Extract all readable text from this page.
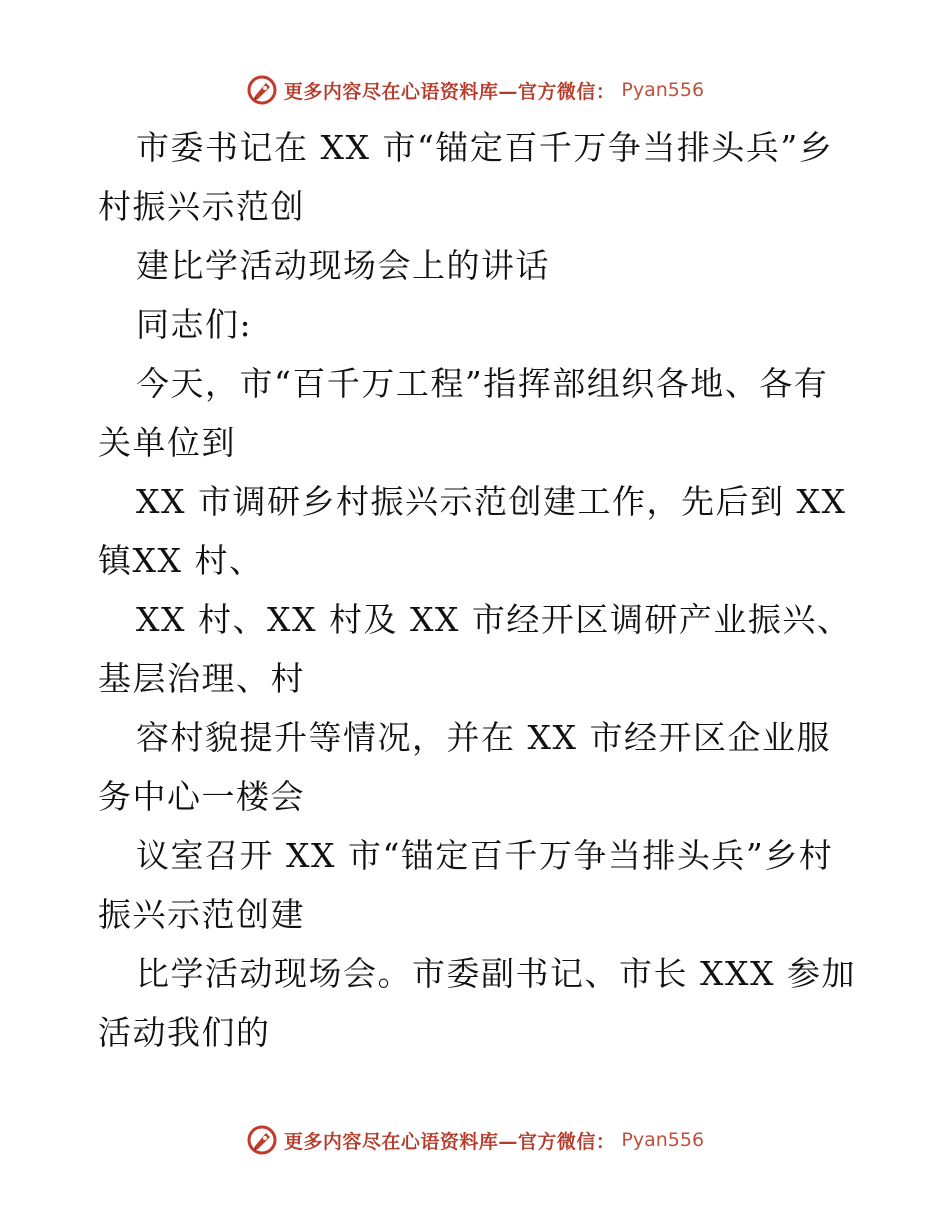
更多内容尽在心语资料库—官方微信： Pyan556

市委书记在 XX 市“锚定百千万争当排头兵”乡村振兴示范创

建比学活动现场会上的讲话

同志们:

今天，市“百千万工程”指挥部组织各地、各有关单位到

XX 市调研乡村振兴示范创建工作，先后到 XX 镇XX 村、

XX 村、XX 村及 XX 市经开区调研产业振兴、基层治理、村

容村貌提升等情况，并在 XX 市经开区企业服务中心一楼会

议室召开 XX 市“锚定百千万争当排头兵”乡村振兴示范创建

比学活动现场会。市委副书记、市长 XXX 参加活动我们的

更多内容尽在心语资料库—官方微信： Pyan556
